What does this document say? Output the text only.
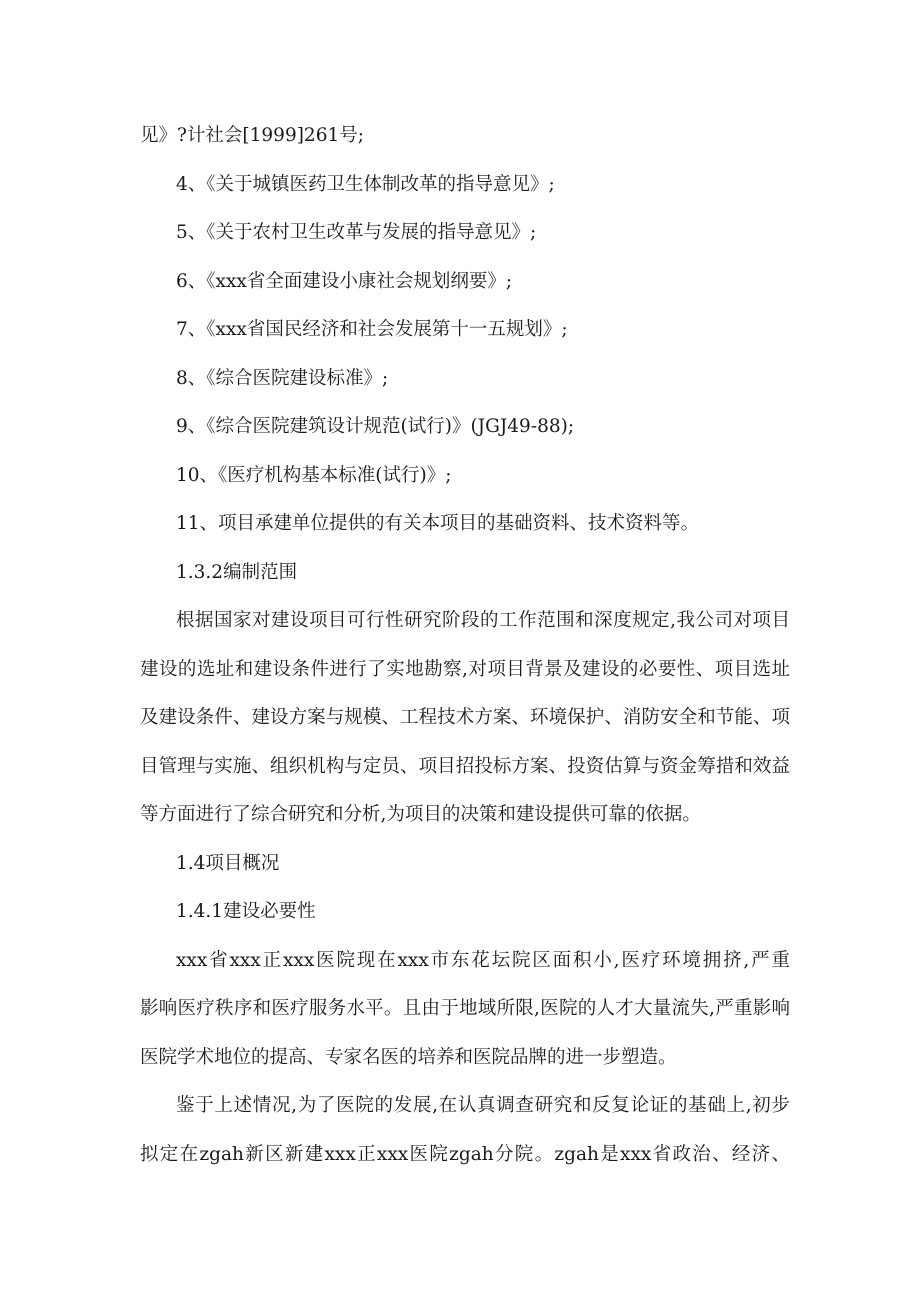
见》?计社会[1999]261号;
4、《关于城镇医药卫生体制改革的指导意见》;
5、《关于农村卫生改革与发展的指导意见》;
6、《xxx省全面建设小康社会规划纲要》;
7、《xxx省国民经济和社会发展第十一五规划》;
8、《综合医院建设标准》;
9、《综合医院建筑设计规范(试行)》(JGJ49-88);
10、《医疗机构基本标准(试行)》;
11、项目承建单位提供的有关本项目的基础资料、技术资料等。
1.3.2编制范围
根据国家对建设项目可行性研究阶段的工作范围和深度规定,我公司对项目
建设的选址和建设条件进行了实地勘察,对项目背景及建设的必要性、项目选址
及建设条件、建设方案与规模、工程技术方案、环境保护、消防安全和节能、项
目管理与实施、组织机构与定员、项目招投标方案、投资估算与资金筹措和效益
等方面进行了综合研究和分析,为项目的决策和建设提供可靠的依据。
1.4项目概况
1.4.1建设必要性
xxx省xxx正xxx医院现在xxx市东花坛院区面积小,医疗环境拥挤,严重
影响医疗秩序和医疗服务水平。且由于地域所限,医院的人才大量流失,严重影响
医院学术地位的提高、专家名医的培养和医院品牌的进一步塑造。
鉴于上述情况,为了医院的发展,在认真调查研究和反复论证的基础上,初步
拟定在zgah新区新建xxx正xxx医院zgah分院。zgah是xxx省政治、经济、
